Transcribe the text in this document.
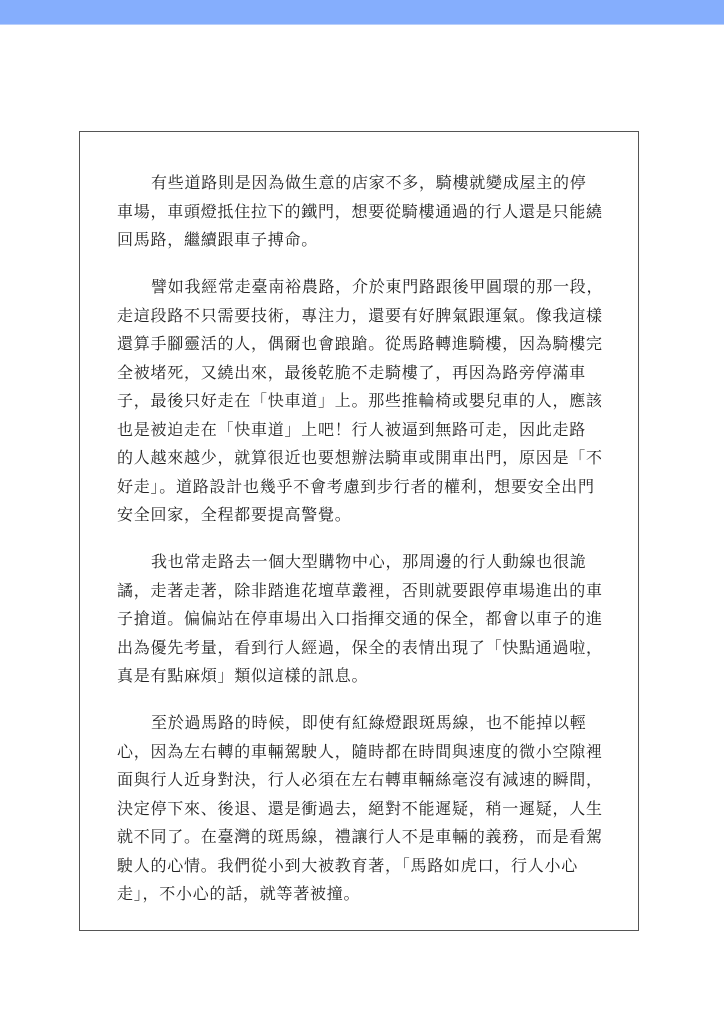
有些道路則是因為做生意的店家不多，騎樓就變成屋主的停
車場，車頭燈抵住拉下的鐵門，想要從騎樓通過的行人還是只能繞
回馬路，繼續跟車子搏命。
譬如我經常走臺南裕農路，介於東門路跟後甲圓環的那一段，
走這段路不只需要技術，專注力，還要有好脾氣跟運氣。像我這樣
還算手腳靈活的人，偶爾也會踉蹌。從馬路轉進騎樓，因為騎樓完
全被堵死，又繞出來，最後乾脆不走騎樓了，再因為路旁停滿車
子，最後只好走在「快車道」上。那些推輪椅或嬰兒車的人，應該
也是被迫走在「快車道」上吧！行人被逼到無路可走，因此走路
的人越來越少，就算很近也要想辦法騎車或開車出門，原因是「不
好走」。道路設計也幾乎不會考慮到步行者的權利，想要安全出門
安全回家，全程都要提高警覺。
我也常走路去一個大型購物中心，那周邊的行人動線也很詭
譎，走著走著，除非踏進花壇草叢裡，否則就要跟停車場進出的車
子搶道。偏偏站在停車場出入口指揮交通的保全，都會以車子的進
出為優先考量，看到行人經過，保全的表情出現了「快點通過啦，
真是有點麻煩」類似這樣的訊息。
至於過馬路的時候，即使有紅綠燈跟斑馬線，也不能掉以輕
心，因為左右轉的車輛駕駛人，隨時都在時間與速度的微小空隙裡
面與行人近身對決，行人必須在左右轉車輛絲毫沒有減速的瞬間，
決定停下來、後退、還是衝過去，絕對不能遲疑，稍一遲疑，人生
就不同了。在臺灣的斑馬線，禮讓行人不是車輛的義務，而是看駕
駛人的心情。我們從小到大被教育著，「馬路如虎口，行人小心
走」，不小心的話，就等著被撞。
